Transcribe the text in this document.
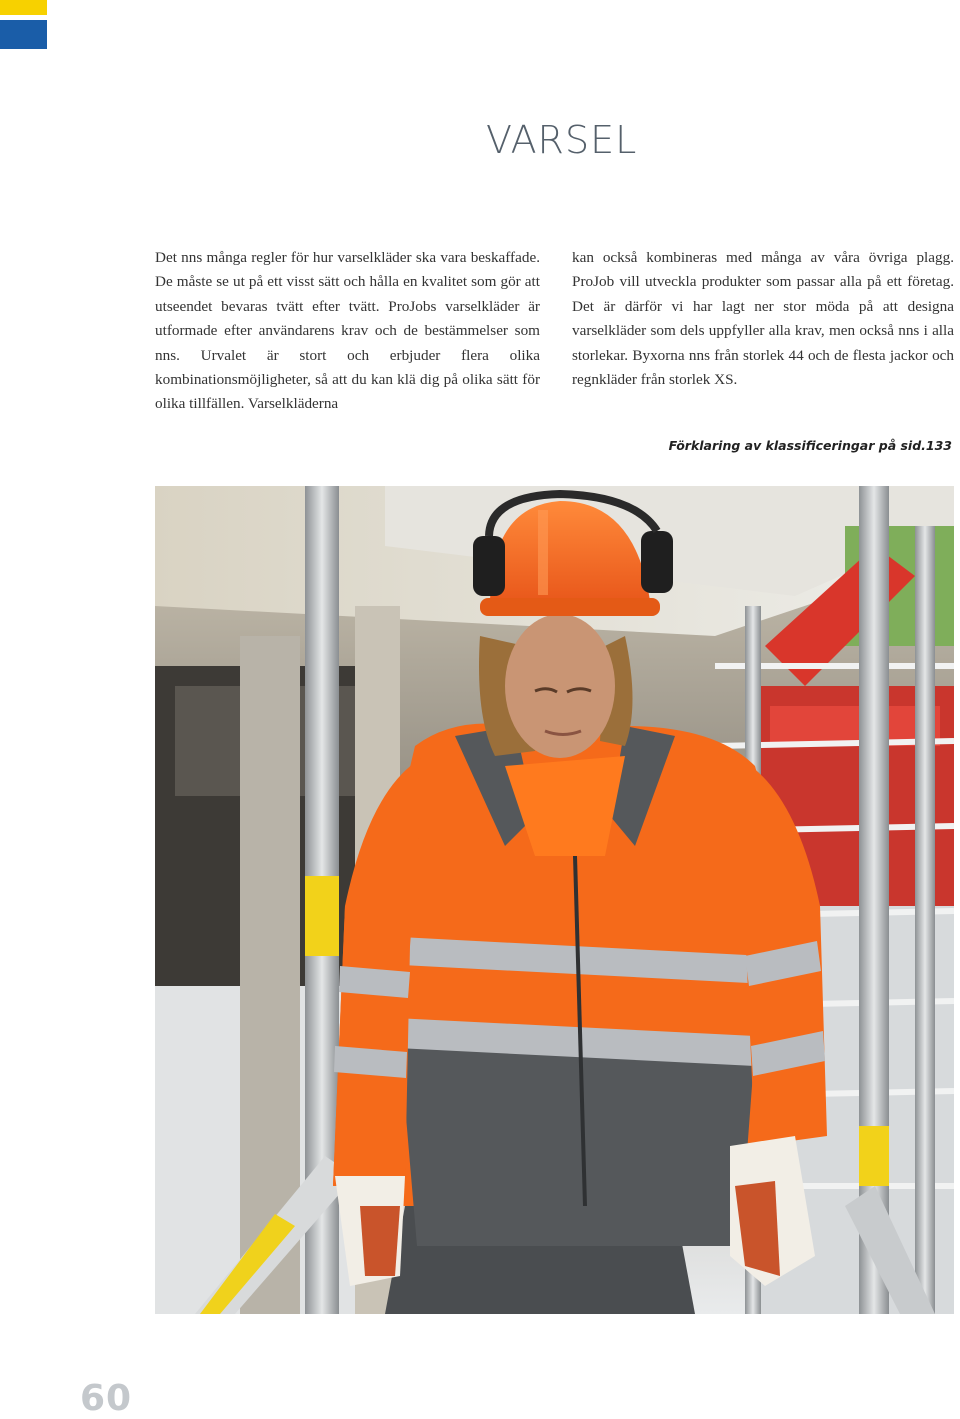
VARSEL

Det nns många regler för hur varselkläder ska vara beskaffade. De måste se ut på ett visst sätt och hålla en kvalitet som gör att utseendet bevaras tvätt efter tvätt. ProJobs varselkläder är utformade efter användarens krav och de bestämmelser som nns. Urvalet är stort och erbjuder flera olika kombinationsmöjligheter, så att du kan klä dig på olika sätt för olika tillfällen. Varselkläderna

kan också kombineras med många av våra övriga plagg. ProJob vill utveckla produkter som passar alla på ett företag. Det är därför vi har lagt ner stor möda på att designa varselkläder som dels uppfyller alla krav, men också nns i alla storlekar. Byxorna nns från storlek 44 och de flesta jackor och regnkläder från storlek XS.

Förklaring av klassificeringar på sid.133
60
